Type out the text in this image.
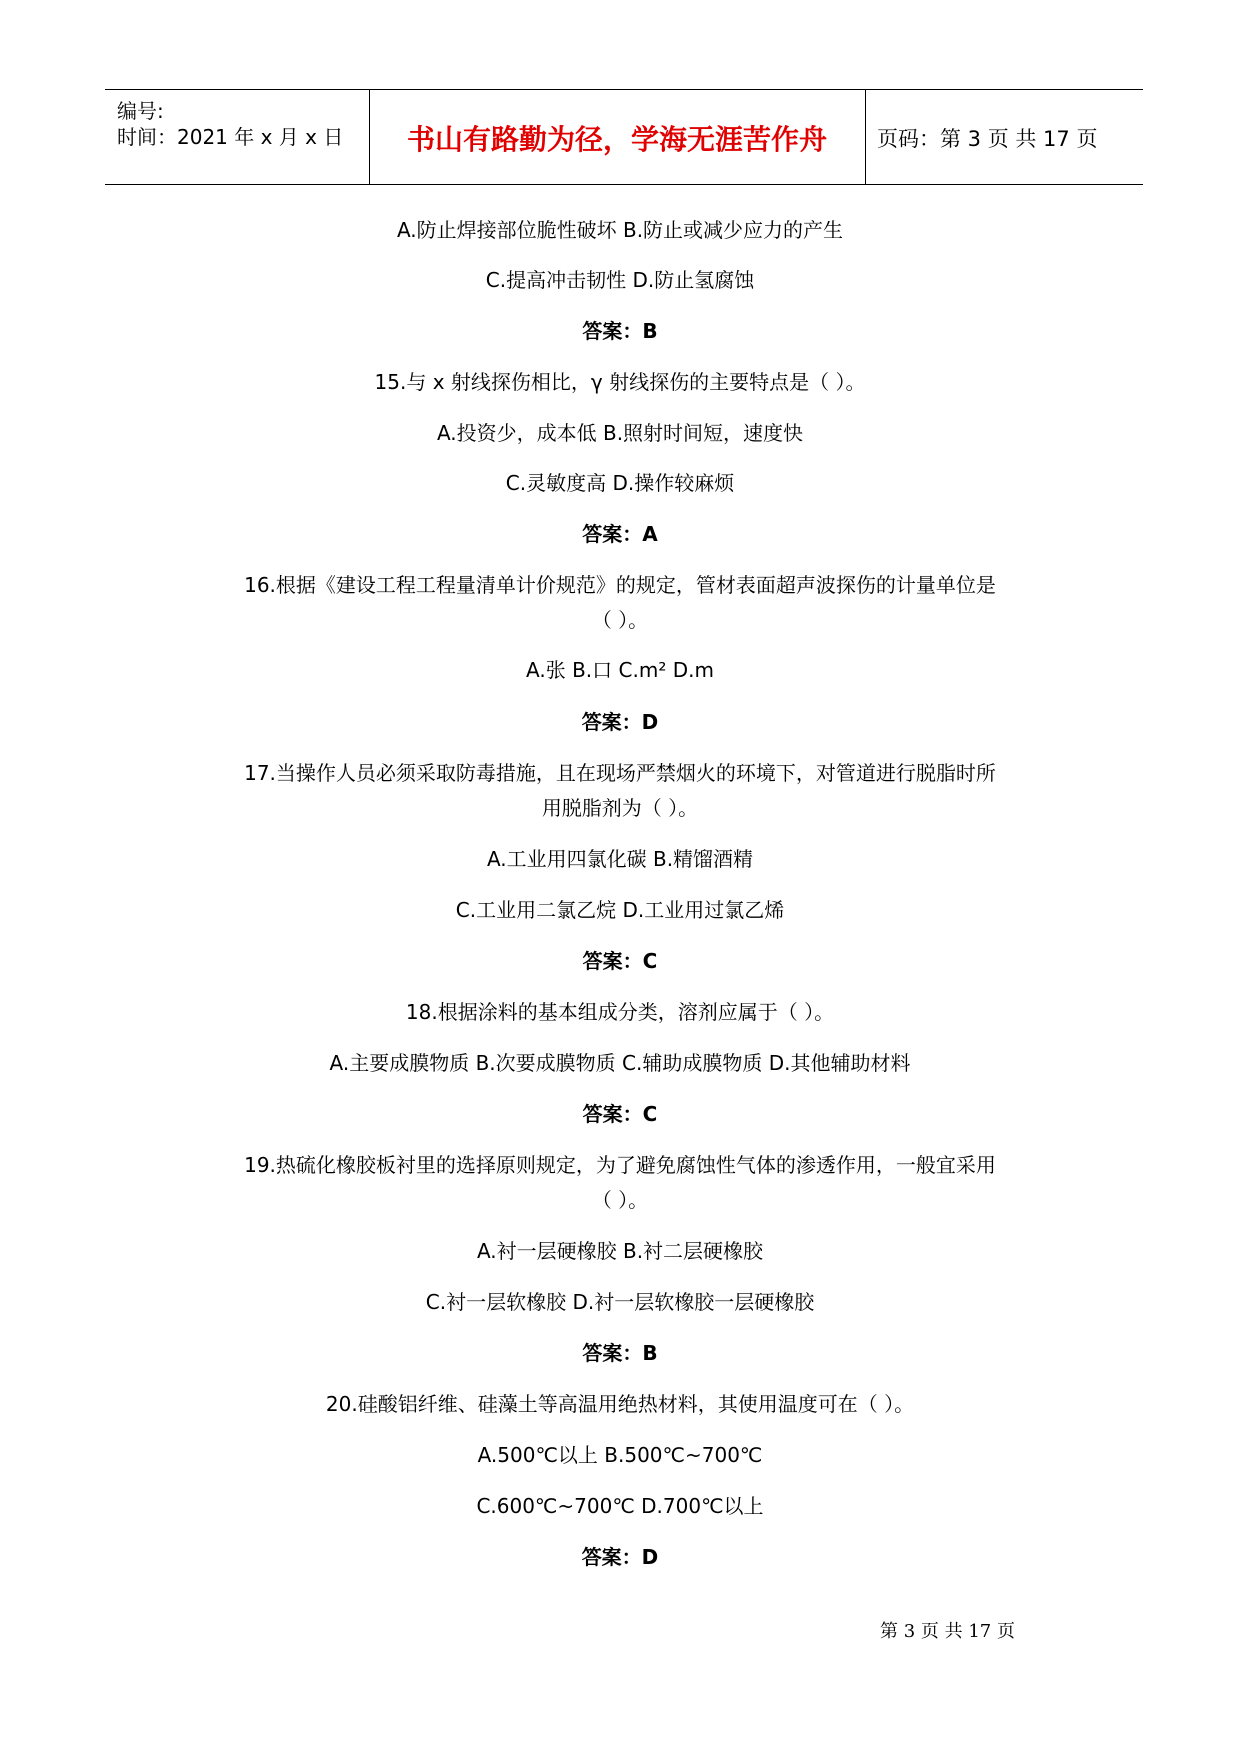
编号:
时间：2021 年 x 月 x 日	书山有路勤为径，学海无涯苦作舟	页码：第 3 页 共 17 页
A.防止焊接部位脆性破坏 B.防止或减少应力的产生
C.提高冲击韧性 D.防止氢腐蚀
答案：B
15.与 x 射线探伤相比，γ 射线探伤的主要特点是（ ）。
A.投资少，成本低 B.照射时间短，速度快
C.灵敏度高 D.操作较麻烦
答案：A
16.根据《建设工程工程量清单计价规范》的规定，管材表面超声波探伤的计量单位是
（ ）。
A.张 B.口 C.m² D.m
答案：D
17.当操作人员必须采取防毒措施，且在现场严禁烟火的环境下，对管道进行脱脂时所
用脱脂剂为（ ）。
A.工业用四氯化碳 B.精馏酒精
C.工业用二氯乙烷 D.工业用过氯乙烯
答案：C
18.根据涂料的基本组成分类，溶剂应属于（ ）。
A.主要成膜物质 B.次要成膜物质 C.辅助成膜物质 D.其他辅助材料
答案：C
19.热硫化橡胶板衬里的选择原则规定，为了避免腐蚀性气体的渗透作用，一般宜采用
（ ）。
A.衬一层硬橡胶 B.衬二层硬橡胶
C.衬一层软橡胶 D.衬一层软橡胶一层硬橡胶
答案：B
20.硅酸铝纤维、硅藻土等高温用绝热材料，其使用温度可在（ ）。
A.500℃以上 B.500℃~700℃
C.600℃~700℃ D.700℃以上
答案：D
第 3 页 共 17 页
